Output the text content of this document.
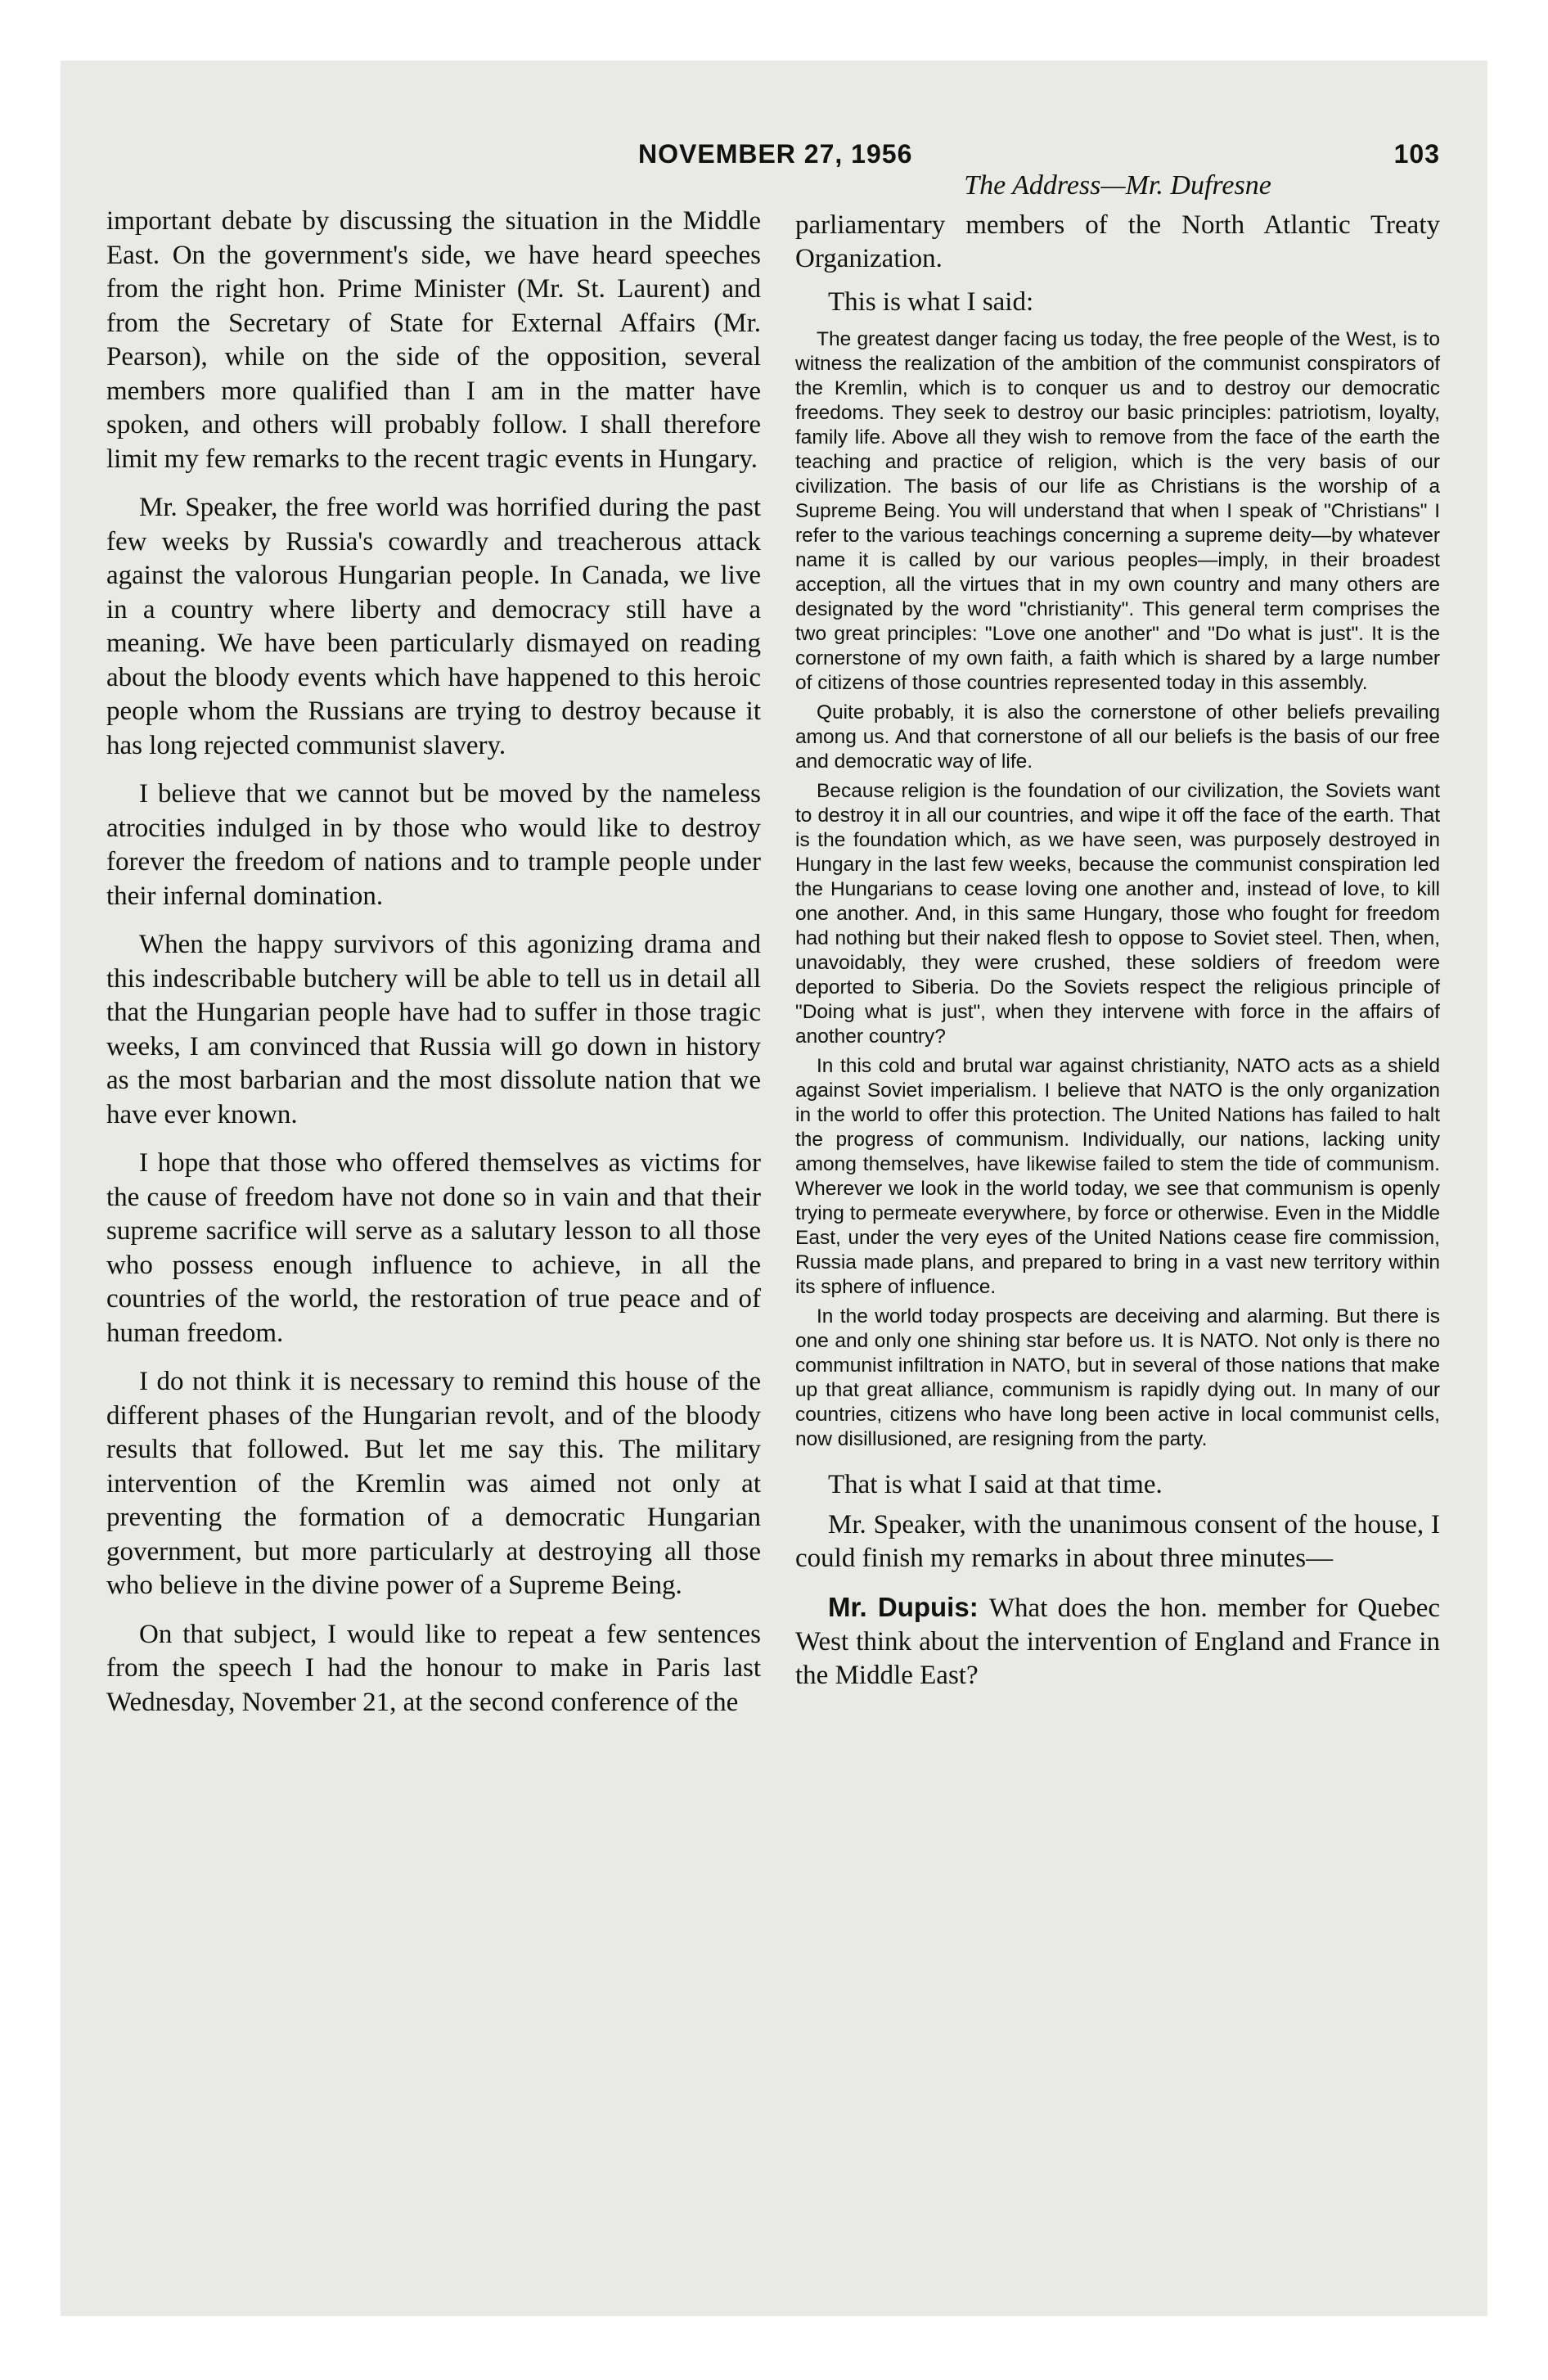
NOVEMBER 27, 1956	103
The Address—Mr. Dufresne

important debate by discussing the situation in the Middle East. On the government's side, we have heard speeches from the right hon. Prime Minister (Mr. St. Laurent) and from the Secretary of State for External Affairs (Mr. Pearson), while on the side of the opposition, several members more qualified than I am in the matter have spoken, and others will probably follow. I shall therefore limit my few remarks to the recent tragic events in Hungary.

Mr. Speaker, the free world was horrified during the past few weeks by Russia's cowardly and treacherous attack against the valorous Hungarian people. In Canada, we live in a country where liberty and democracy still have a meaning. We have been particularly dismayed on reading about the bloody events which have happened to this heroic people whom the Russians are trying to destroy because it has long rejected communist slavery.

I believe that we cannot but be moved by the nameless atrocities indulged in by those who would like to destroy forever the freedom of nations and to trample people under their infernal domination.

When the happy survivors of this agonizing drama and this indescribable butchery will be able to tell us in detail all that the Hungarian people have had to suffer in those tragic weeks, I am convinced that Russia will go down in history as the most barbarian and the most dissolute nation that we have ever known.

I hope that those who offered themselves as victims for the cause of freedom have not done so in vain and that their supreme sacrifice will serve as a salutary lesson to all those who possess enough influence to achieve, in all the countries of the world, the restoration of true peace and of human freedom.

I do not think it is necessary to remind this house of the different phases of the Hungarian revolt, and of the bloody results that followed. But let me say this. The military intervention of the Kremlin was aimed not only at preventing the formation of a democratic Hungarian government, but more particularly at destroying all those who believe in the divine power of a Supreme Being.

On that subject, I would like to repeat a few sentences from the speech I had the honour to make in Paris last Wednesday, November 21, at the second conference of the

parliamentary members of the North Atlantic Treaty Organization.

This is what I said:

The greatest danger facing us today, the free people of the West, is to witness the realization of the ambition of the communist conspirators of the Kremlin, which is to conquer us and to destroy our democratic freedoms. They seek to destroy our basic principles: patriotism, loyalty, family life. Above all they wish to remove from the face of the earth the teaching and practice of religion, which is the very basis of our civilization. The basis of our life as Christians is the worship of a Supreme Being. You will understand that when I speak of "Christians" I refer to the various teachings concerning a supreme deity—by whatever name it is called by our various peoples—imply, in their broadest acception, all the virtues that in my own country and many others are designated by the word "christianity". This general term comprises the two great principles: "Love one another" and "Do what is just". It is the cornerstone of my own faith, a faith which is shared by a large number of citizens of those countries represented today in this assembly.

Quite probably, it is also the cornerstone of other beliefs prevailing among us. And that cornerstone of all our beliefs is the basis of our free and democratic way of life.

Because religion is the foundation of our civilization, the Soviets want to destroy it in all our countries, and wipe it off the face of the earth. That is the foundation which, as we have seen, was purposely destroyed in Hungary in the last few weeks, because the communist conspiration led the Hungarians to cease loving one another and, instead of love, to kill one another. And, in this same Hungary, those who fought for freedom had nothing but their naked flesh to oppose to Soviet steel. Then, when, unavoidably, they were crushed, these soldiers of freedom were deported to Siberia. Do the Soviets respect the religious principle of "Doing what is just", when they intervene with force in the affairs of another country?

In this cold and brutal war against christianity, NATO acts as a shield against Soviet imperialism. I believe that NATO is the only organization in the world to offer this protection. The United Nations has failed to halt the progress of communism. Individually, our nations, lacking unity among themselves, have likewise failed to stem the tide of communism. Wherever we look in the world today, we see that communism is openly trying to permeate everywhere, by force or otherwise. Even in the Middle East, under the very eyes of the United Nations cease fire commission, Russia made plans, and prepared to bring in a vast new territory within its sphere of influence.

In the world today prospects are deceiving and alarming. But there is one and only one shining star before us. It is NATO. Not only is there no communist infiltration in NATO, but in several of those nations that make up that great alliance, communism is rapidly dying out. In many of our countries, citizens who have long been active in local communist cells, now disillusioned, are resigning from the party.

That is what I said at that time.

Mr. Speaker, with the unanimous consent of the house, I could finish my remarks in about three minutes—

Mr. Dupuis: What does the hon. member for Quebec West think about the intervention of England and France in the Middle East?
